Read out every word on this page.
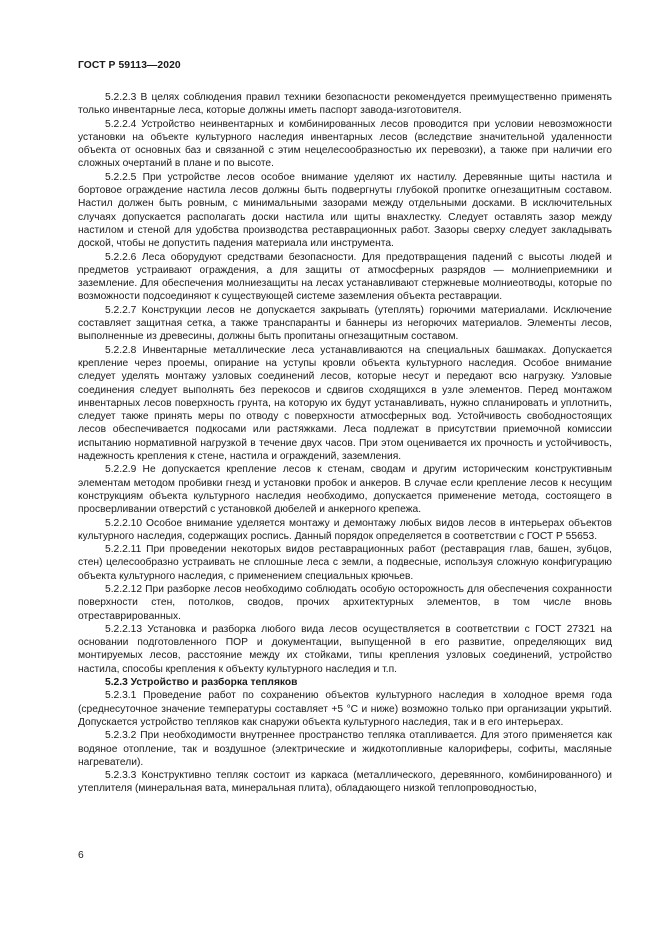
ГОСТ Р 59113—2020

5.2.2.3 В целях соблюдения правил техники безопасности рекомендуется преимущественно применять только инвентарные леса, которые должны иметь паспорт завода-изготовителя.

5.2.2.4 Устройство неинвентарных и комбинированных лесов проводится при условии невозможности установки на объекте культурного наследия инвентарных лесов (вследствие значительной удаленности объекта от основных баз и связанной с этим нецелесообразностью их перевозки), а также при наличии его сложных очертаний в плане и по высоте.

5.2.2.5 При устройстве лесов особое внимание уделяют их настилу. Деревянные щиты настила и бортовое ограждение настила лесов должны быть подвергнуты глубокой пропитке огнезащитным составом. Настил должен быть ровным, с минимальными зазорами между отдельными досками. В исключительных случаях допускается располагать доски настила или щиты внахлестку. Следует оставлять зазор между настилом и стеной для удобства производства реставрационных работ. Зазоры сверху следует закладывать доской, чтобы не допустить падения материала или инструмента.

5.2.2.6 Леса оборудуют средствами безопасности. Для предотвращения падений с высоты людей и предметов устраивают ограждения, а для защиты от атмосферных разрядов — молниеприемники и заземление. Для обеспечения молниезащиты на лесах устанавливают стержневые молниеотводы, которые по возможности подсоединяют к существующей системе заземления объекта реставрации.

5.2.2.7 Конструкции лесов не допускается закрывать (утеплять) горючими материалами. Исключение составляет защитная сетка, а также транспаранты и баннеры из негорючих материалов. Элементы лесов, выполненные из древесины, должны быть пропитаны огнезащитным составом.

5.2.2.8 Инвентарные металлические леса устанавливаются на специальных башмаках. Допускается крепление через проемы, опирание на уступы кровли объекта культурного наследия. Особое внимание следует уделять монтажу узловых соединений лесов, которые несут и передают всю нагрузку. Узловые соединения следует выполнять без перекосов и сдвигов сходящихся в узле элементов. Перед монтажом инвентарных лесов поверхность грунта, на которую их будут устанавливать, нужно спланировать и уплотнить, следует также принять меры по отводу с поверхности атмосферных вод. Устойчивость свободностоящих лесов обеспечивается подкосами или растяжками. Леса подлежат в присутствии приемочной комиссии испытанию нормативной нагрузкой в течение двух часов. При этом оценивается их прочность и устойчивость, надежность крепления к стене, настила и ограждений, заземления.

5.2.2.9 Не допускается крепление лесов к стенам, сводам и другим историческим конструктивным элементам методом пробивки гнезд и установки пробок и анкеров. В случае если крепление лесов к несущим конструкциям объекта культурного наследия необходимо, допускается применение метода, состоящего в просверливании отверстий с установкой дюбелей и анкерного крепежа.

5.2.2.10 Особое внимание уделяется монтажу и демонтажу любых видов лесов в интерьерах объектов культурного наследия, содержащих роспись. Данный порядок определяется в соответствии с ГОСТ Р 55653.

5.2.2.11 При проведении некоторых видов реставрационных работ (реставрация глав, башен, зубцов, стен) целесообразно устраивать не сплошные леса с земли, а подвесные, используя сложную конфигурацию объекта культурного наследия, с применением специальных крючьев.

5.2.2.12 При разборке лесов необходимо соблюдать особую осторожность для обеспечения сохранности поверхности стен, потолков, сводов, прочих архитектурных элементов, в том числе вновь отреставрированных.

5.2.2.13 Установка и разборка любого вида лесов осуществляется в соответствии с ГОСТ 27321 на основании подготовленного ПОР и документации, выпущенной в его развитие, определяющих вид монтируемых лесов, расстояние между их стойками, типы крепления узловых соединений, устройство настила, способы крепления к объекту культурного наследия и т.п.

5.2.3 Устройство и разборка тепляков

5.2.3.1 Проведение работ по сохранению объектов культурного наследия в холодное время года (среднесуточное значение температуры составляет +5 °С и ниже) возможно только при организации укрытий. Допускается устройство тепляков как снаружи объекта культурного наследия, так и в его интерьерах.

5.2.3.2 При необходимости внутреннее пространство тепляка отапливается. Для этого применяется как водяное отопление, так и воздушное (электрические и жидкотопливные калориферы, софиты, масляные нагреватели).

5.2.3.3 Конструктивно тепляк состоит из каркаса (металлического, деревянного, комбинированного) и утеплителя (минеральная вата, минеральная плита), обладающего низкой теплопроводностью,

6
